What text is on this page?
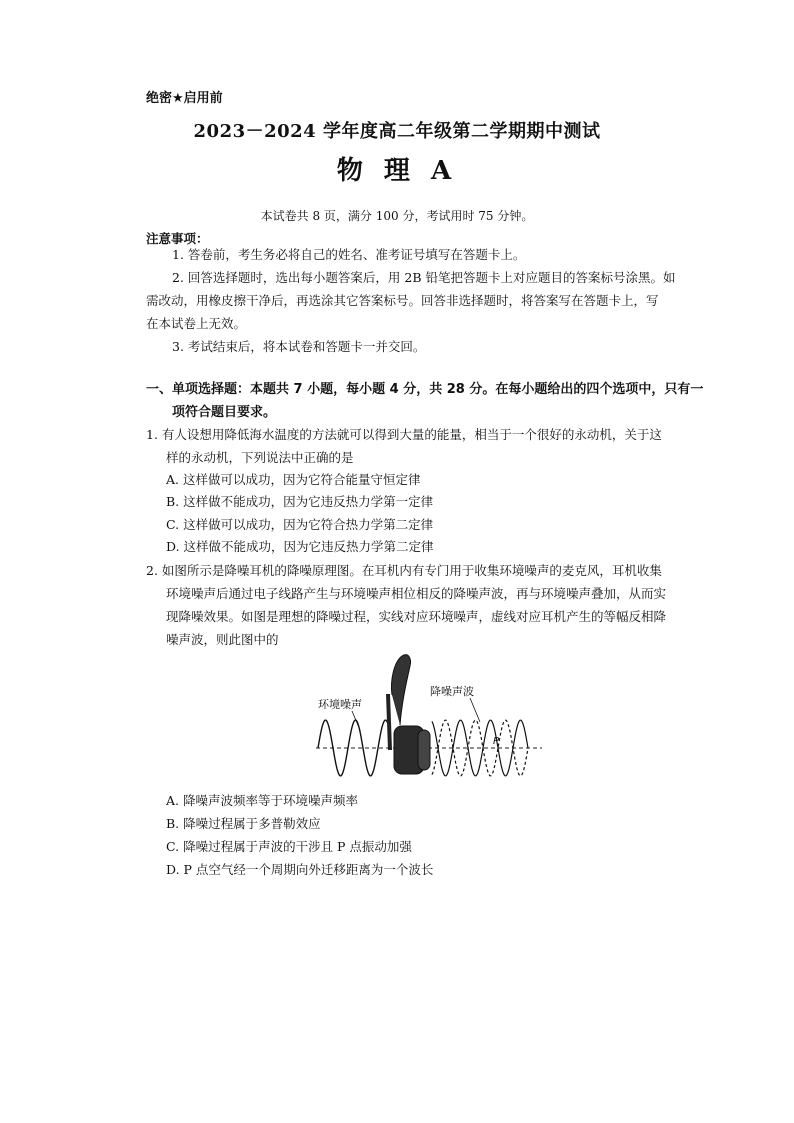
绝密★启用前
2023－2024 学年度高二年级第二学期期中测试
物 理 A
本试卷共 8 页，满分 100 分，考试用时 75 分钟。
注意事项：
1. 答卷前，考生务必将自己的姓名、准考证号填写在答题卡上。
2. 回答选择题时，选出每小题答案后，用 2B 铅笔把答题卡上对应题目的答案标号涂黑。如
需改动，用橡皮擦干净后，再选涂其它答案标号。回答非选择题时，将答案写在答题卡上，写
在本试卷上无效。
3. 考试结束后，将本试卷和答题卡一并交回。
一、单项选择题：本题共 7 小题，每小题 4 分，共 28 分。在每小题给出的四个选项中，只有一
项符合题目要求。
1. 有人设想用降低海水温度的方法就可以得到大量的能量，相当于一个很好的永动机，关于这
样的永动机，下列说法中正确的是
A. 这样做可以成功，因为它符合能量守恒定律
B. 这样做不能成功，因为它违反热力学第一定律
C. 这样做可以成功，因为它符合热力学第二定律
D. 这样做不能成功，因为它违反热力学第二定律
2. 如图所示是降噪耳机的降噪原理图。在耳机内有专门用于收集环境噪声的麦克风，耳机收集
环境噪声后通过电子线路产生与环境噪声相位相反的降噪声波，再与环境噪声叠加，从而实
现降噪效果。如图是理想的降噪过程，实线对应环境噪声，虚线对应耳机产生的等幅反相降
噪声波，则此图中的
环境噪声
降噪声波
P
A. 降噪声波频率等于环境噪声频率
B. 降噪过程属于多普勒效应
C. 降噪过程属于声波的干涉且 P 点振动加强
D. P 点空气经一个周期向外迁移距离为一个波长
